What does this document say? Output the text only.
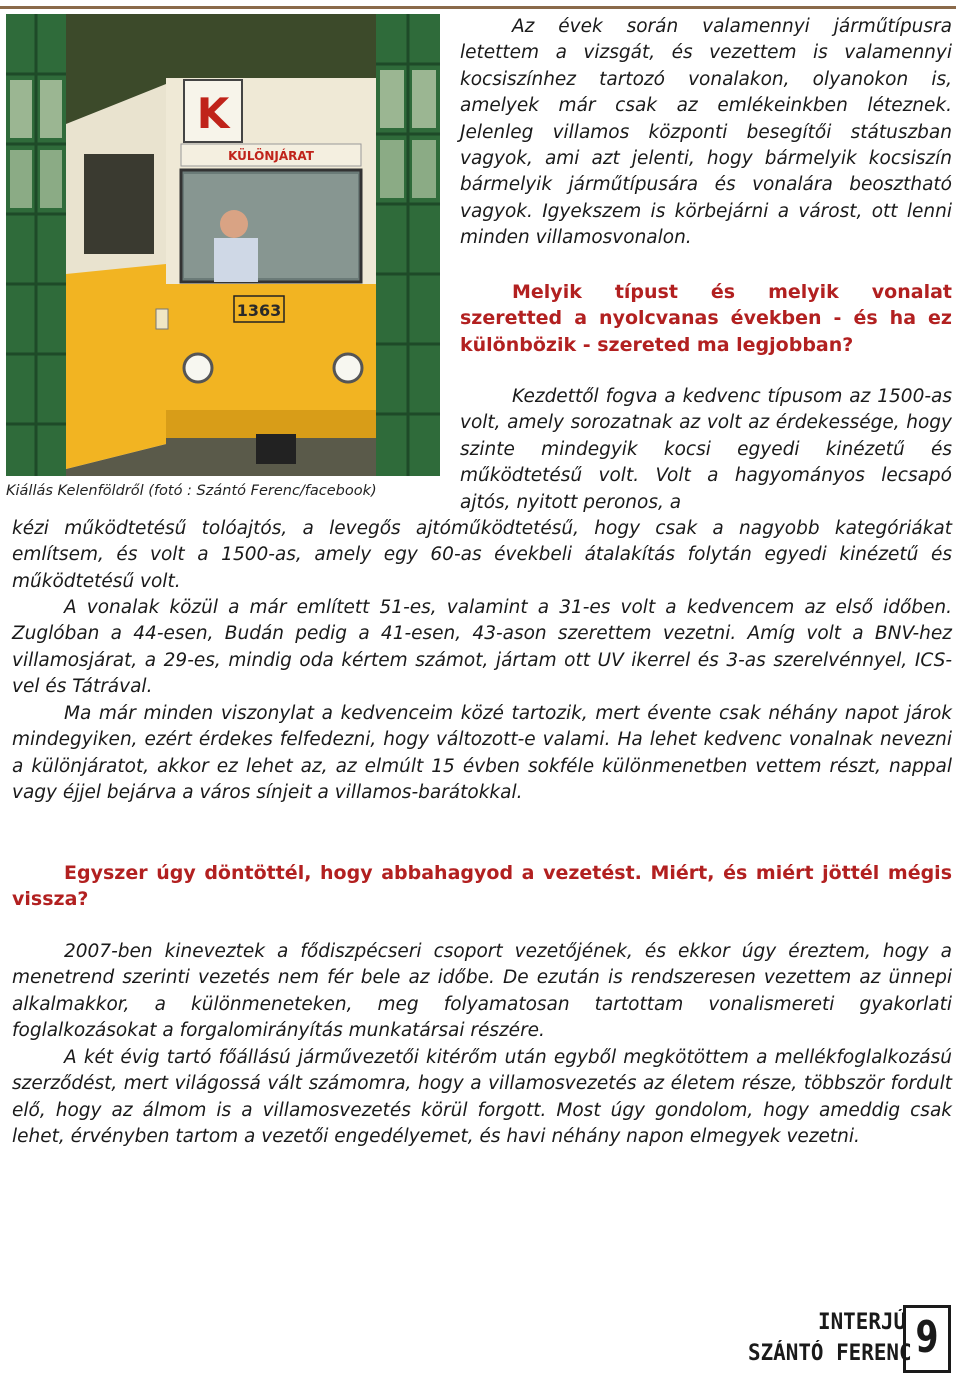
K
KÜLÖNJÁRAT
1363
Kiállás Kelenföldről (fotó : Szántó Ferenc/facebook)

Az évek során valamennyi járműtípusra letettem a vizsgát, és vezettem is valamennyi kocsiszínhez tartozó vonalakon, olyanokon is, amelyek már csak az emlékeinkben léteznek. Jelenleg villamos központi besegítői státuszban vagyok, ami azt jelenti, hogy bármelyik kocsiszín bármelyik járműtípusára és vonalára beosztható vagyok. Igyekszem is körbejárni a várost, ott lenni minden villamosvonalon.

Melyik típust és melyik vonalat szeretted a nyolcvanas években - és ha ez különbözik - szereted ma legjobban?

Kezdettől fogva a kedvenc típusom az 1500-as volt, amely sorozatnak az volt az érdekessége, hogy szinte mindegyik kocsi egyedi kinézetű és működtetésű volt. Volt a hagyományos lecsapó ajtós, nyitott peronos, a

kézi működtetésű tolóajtós, a levegős ajtóműködtetésű, hogy csak a nagyobb kategóriákat említsem, és volt a 1500-as, amely egy 60-as évekbeli átalakítás folytán egyedi kinézetű és működtetésű volt.

A vonalak közül a már említett 51-es, valamint a 31-es volt a kedvencem az első időben. Zuglóban a 44-esen, Budán pedig a 41-esen, 43-ason szerettem vezetni. Amíg volt a BNV-hez villamosjárat, a 29-es, mindig oda kértem számot, jártam ott UV ikerrel és 3-as szerelvénnyel, ICS-vel és Tátrával.

Ma már minden viszonylat a kedvenceim közé tartozik, mert évente csak néhány napot járok mindegyiken, ezért érdekes felfedezni, hogy változott-e valami. Ha lehet kedvenc vonalnak nevezni a különjáratot, akkor ez lehet az, az elmúlt 15 évben sokféle különmenetben vettem részt, nappal vagy éjjel bejárva a város sínjeit a villamos-barátokkal.

Egyszer úgy döntöttél, hogy abbahagyod a vezetést. Miért, és miért jöttél mégis vissza?

2007-ben kineveztek a fődiszpécseri csoport vezetőjének, és ekkor úgy éreztem, hogy a menetrend szerinti vezetés nem fér bele az időbe. De ezután is rendszeresen vezettem az ünnepi alkalmakkor, a különmeneteken, meg folyamatosan tartottam vonalismereti gyakorlati foglalkozásokat a forgalomirányítás munkatársai részére.

A két évig tartó főállású járművezetői kitérőm után egyből megkötöttem a mellékfoglalkozású szerződést, mert világossá vált számomra, hogy a villamosvezetés az életem része, többször fordult elő, hogy az álmom is a villamosvezetés körül forgott. Most úgy gondolom, hogy ameddig csak lehet, érvényben tartom a vezetői engedélyemet, és havi néhány napon elmegyek vezetni.

INTERJÚ
SZÁNTÓ FERENC 9
